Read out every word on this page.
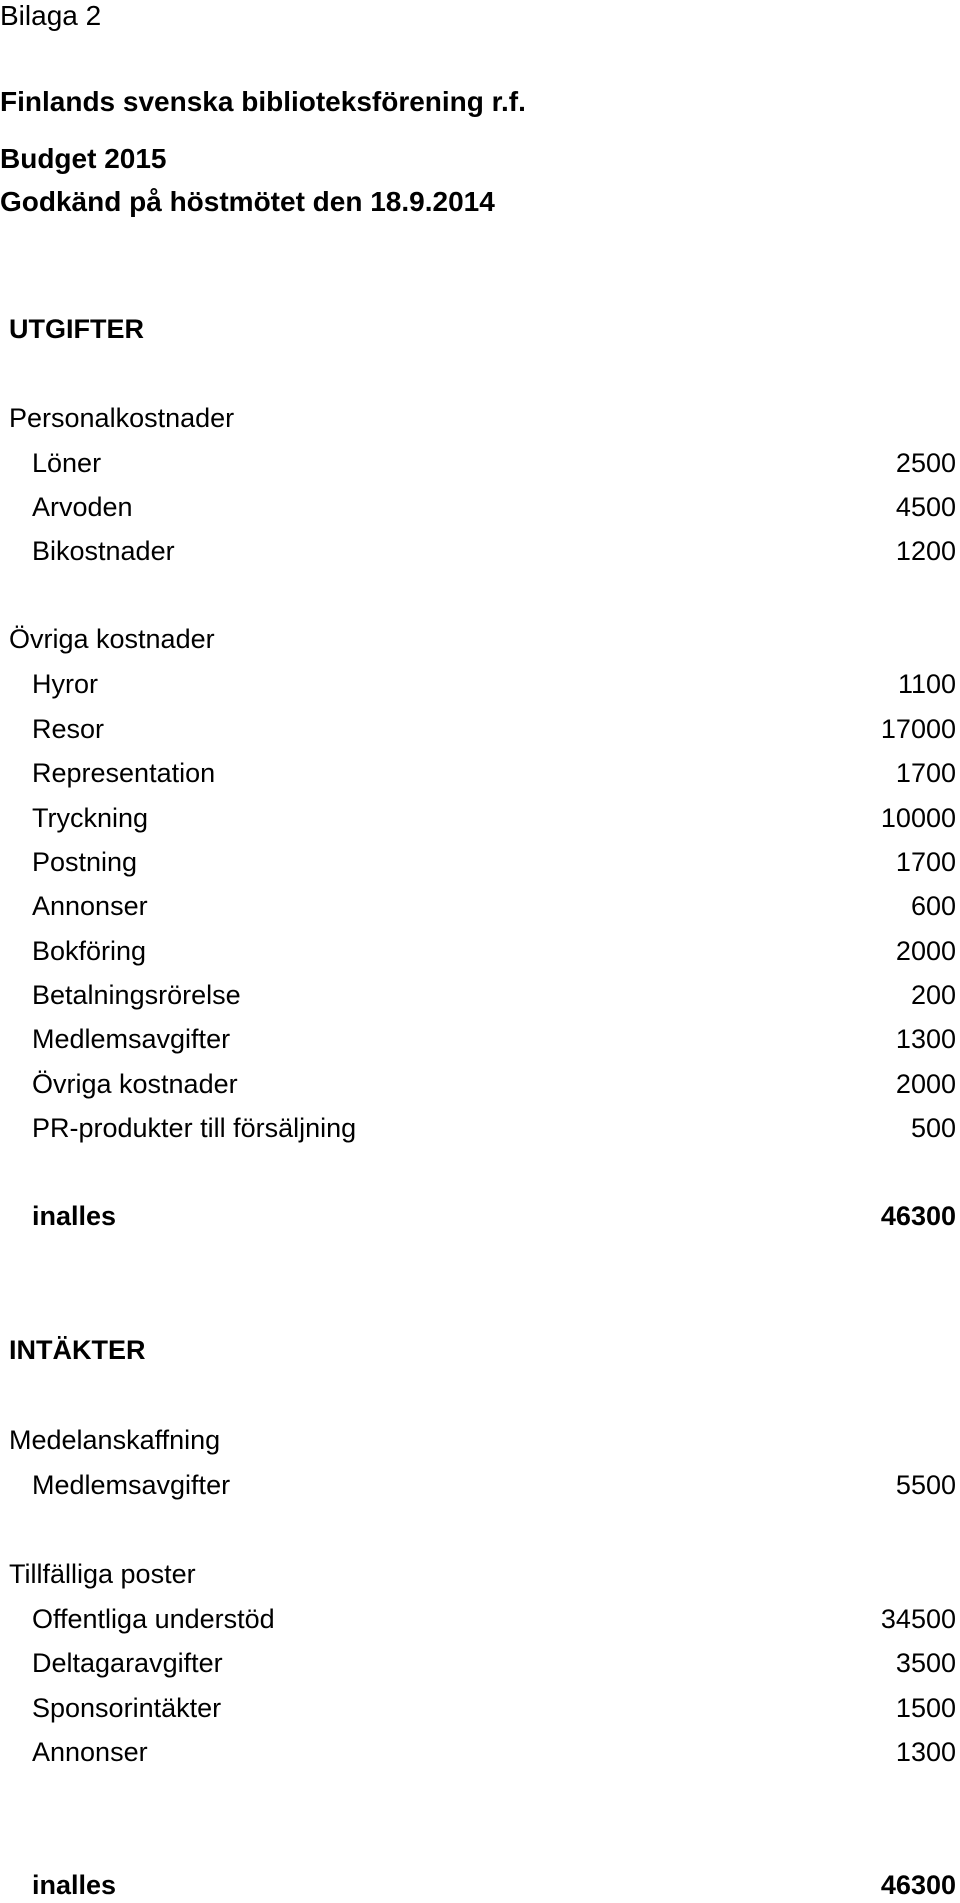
Bilaga 2
Finlands svenska biblioteksförening r.f.
Budget 2015
Godkänd på höstmötet den 18.9.2014
UTGIFTER
Personalkostnader
Löner	2500
Arvoden	4500
Bikostnader	1200
Övriga kostnader
Hyror	1100
Resor	17000
Representation	1700
Tryckning	10000
Postning	1700
Annonser	600
Bokföring	2000
Betalningsrörelse	200
Medlemsavgifter	1300
Övriga kostnader	2000
PR-produkter till försäljning	500
inalles	46300
INTÄKTER
Medelanskaffning
Medlemsavgifter	5500
Tillfälliga poster
Offentliga understöd	34500
Deltagaravgifter	3500
Sponsorintäkter	1500
Annonser	1300
inalles	46300
